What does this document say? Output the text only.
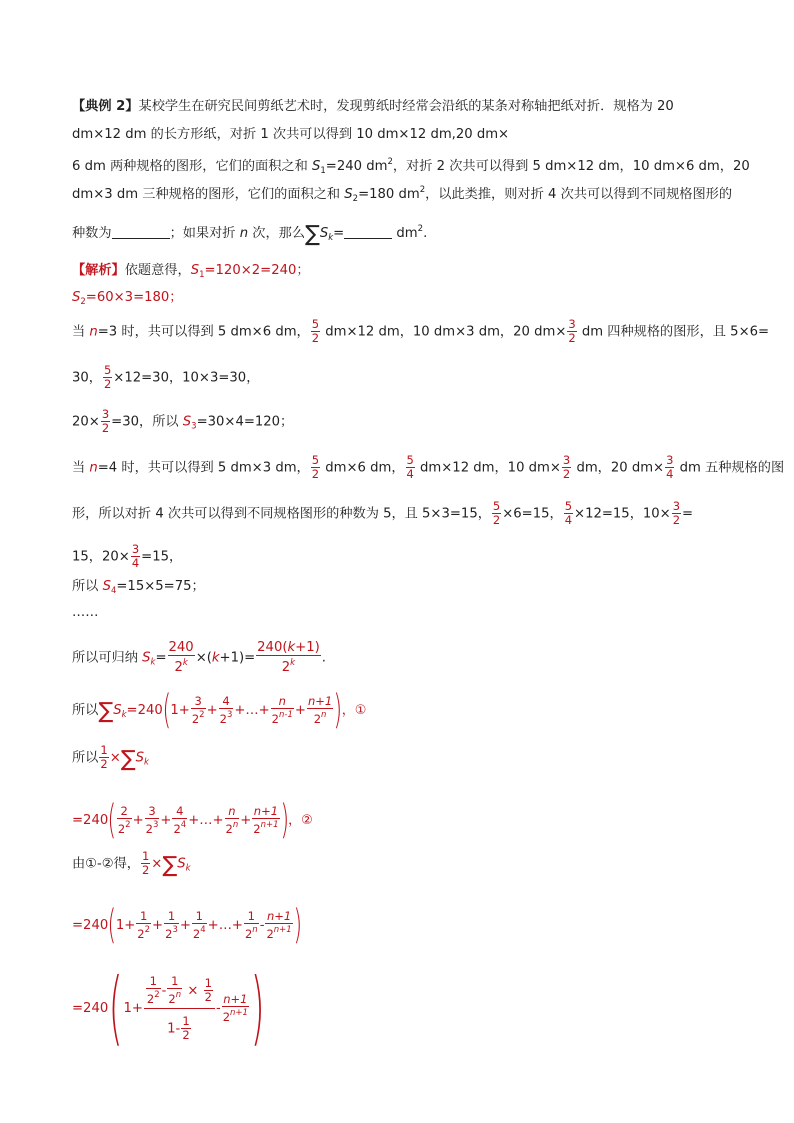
【典例 2】某校学生在研究民间剪纸艺术时，发现剪纸时经常会沿纸的某条对称轴把纸对折．规格为 20
dm×12 dm 的长方形纸，对折 1 次共可以得到 10 dm×12 dm,20 dm×
6 dm 两种规格的图形，它们的面积之和 $S_1=240$ $dm^2$，对折 2 次共可以得到 5 dm×12 dm，10 dm×6 dm，20
dm×3 dm 三种规格的图形，它们的面积之和 $S_2=180$ $dm^2$，以此类推，则对折 4 次共可以得到不同规格图形的
种数为	；如果对折 n 次，那么$\sum S_k=$	$dm^2$.
【解析】依题意得，$S_1=120\times 2=240$；
$S_2=60\times 3=180$；
当 n=3 时，共可以得到 5 dm×6 dm， $\frac{5}{2} dm\times 12$ dm，10 dm×3 dm，20 $dm\times \frac{3}{2}$ dm 四种规格的图形，且 5×6=
30， $\frac{5}{2} \times 12=30$，10×3=30，
$20\times \frac{3}{2} =30$，所以 $S_3=30\times 4=120$；
当 n=4 时，共可以得到 5 dm×3 dm， $\frac{5}{2} dm\times 6$ dm， $\frac{5}{4} dm\times 12$ dm，10 $dm\times \frac{3}{2}$ dm，20 $dm\times \frac{3}{4}$ dm 五种规格的图
形，所以对折 4 次共可以得到不同规格图形的种数为 5，且 5×3=15， $\frac{5}{2} \times 6=15$， $\frac{5}{4} \times 12=15$，$10\times \frac{3}{2}$ =
15，$20\times \frac{3}{4} =15$，
所以 $S_4=15\times 5=75$；
……
所以可归纳 $S_k= \frac{240}{2^k} \times(k+1)= \frac{240(k+1)}{2^k}$ .
所以$\sum S_k=240(1+ \frac{3}{2^2} + \frac{4}{2^3}$ +…+ $\frac{n}{2^{n-1}} + \frac{n+1}{2^n}$ )，①
所以 $\frac{1}{2} \times\sum S_k$
$=240( \frac{2}{2^2} + \frac{3}{2^3} + \frac{4}{2^4}$ +…+ $\frac{n}{2^n} + \frac{n+1}{2^{n+1}}$ )，②
由①-②得， $\frac{1}{2} \times\sum S_k$
$=240(1+ \frac{1}{2^2} + \frac{1}{2^3} + \frac{1}{2^4}$ +…+ $\frac{1}{2^n} - \frac{n+1}{2^{n+1}}$ )
$=240(1+ \frac{\frac{1}{2^2} - \frac{1}{2^n} \times \frac{1}{2}}{1- \frac{1}{2}} - \frac{n+1}{2^{n+1}}$ )
